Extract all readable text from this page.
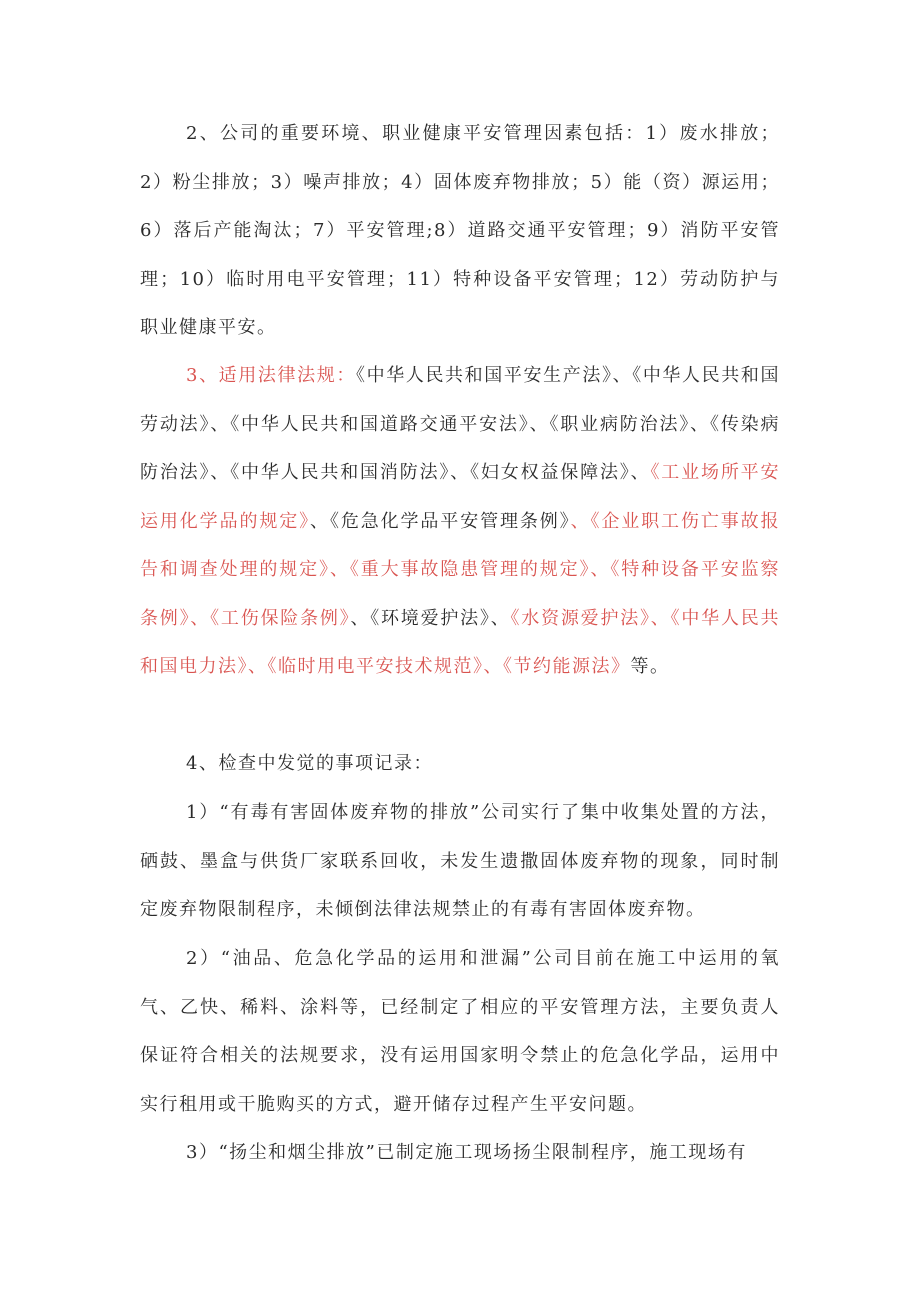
2、公司的重要环境、职业健康平安管理因素包括：1）废水排放；2）粉尘排放；3）噪声排放；4）固体废弃物排放；5）能（资）源运用；6）落后产能淘汰；7）平安管理;8）道路交通平安管理；9）消防平安管理；10）临时用电平安管理；11）特种设备平安管理；12）劳动防护与职业健康平安。

3、适用法律法规：《中华人民共和国平安生产法》、《中华人民共和国劳动法》、《中华人民共和国道路交通平安法》、《职业病防治法》、《传染病防治法》、《中华人民共和国消防法》、《妇女权益保障法》、《工业场所平安运用化学品的规定》、《危急化学品平安管理条例》、《企业职工伤亡事故报告和调查处理的规定》、《重大事故隐患管理的规定》、《特种设备平安监察条例》、《工伤保险条例》、《环境爱护法》、《水资源爱护法》、《中华人民共和国电力法》、《临时用电平安技术规范》、《节约能源法》等。

4、检查中发觉的事项记录：

1）“有毒有害固体废弃物的排放”公司实行了集中收集处置的方法，硒鼓、墨盒与供货厂家联系回收，未发生遗撒固体废弃物的现象，同时制定废弃物限制程序，未倾倒法律法规禁止的有毒有害固体废弃物。

2）“油品、危急化学品的运用和泄漏”公司目前在施工中运用的氧气、乙快、稀料、涂料等，已经制定了相应的平安管理方法，主要负责人保证符合相关的法规要求，没有运用国家明令禁止的危急化学品，运用中实行租用或干脆购买的方式，避开储存过程产生平安问题。

3）“扬尘和烟尘排放”已制定施工现场扬尘限制程序，施工现场有
